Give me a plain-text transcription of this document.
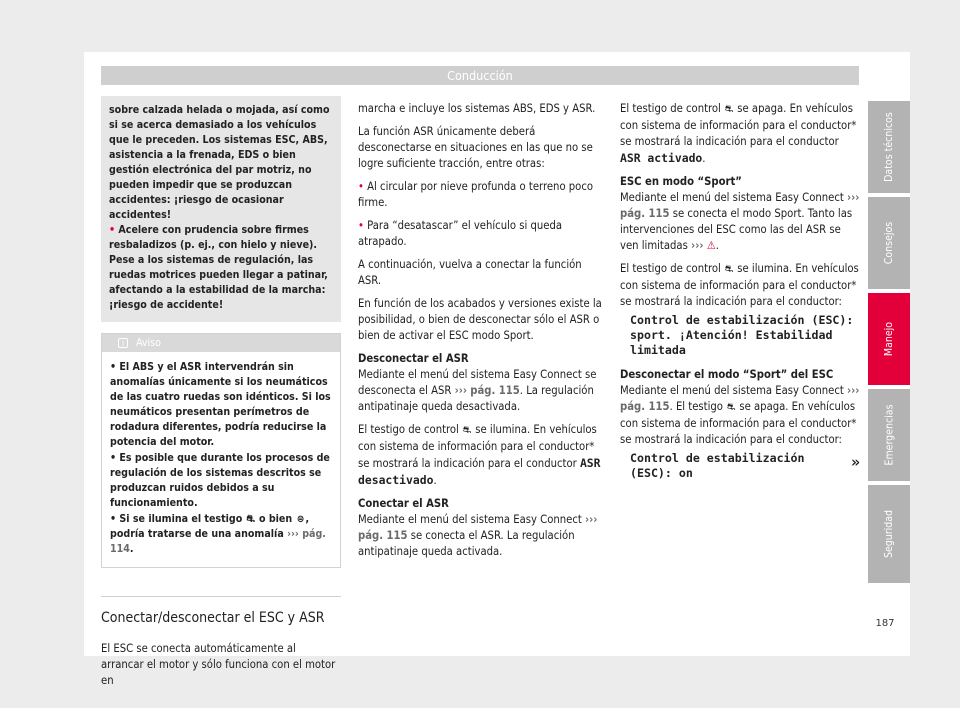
Conducción

sobre calzada helada o mojada, así como si se acerca demasiado a los vehículos que le preceden. Los sistemas ESC, ABS, asistencia a la frenada, EDS o bien gestión electrónica del par motriz, no pueden impedir que se produzcan accidentes: ¡riesgo de ocasionar accidentes!

• Acelere con prudencia sobre firmes resbaladizos (p. ej., con hielo y nieve). Pese a los sistemas de regulación, las ruedas motrices pueden llegar a patinar, afectando a la estabilidad de la marcha: ¡riesgo de accidente!

i Aviso

• El ABS y el ASR intervendrán sin anomalías únicamente si los neumáticos de las cuatro ruedas son idénticos. Si los neumáticos presentan perímetros de rodadura diferentes, podría reducirse la potencia del motor.

• Es posible que durante los procesos de regulación de los sistemas descritos se produzcan ruidos debidos a su funcionamiento.

• Si se ilumina el testigo ⛐ o bien ⊜, podría tratarse de una anomalía ››› pág. 114.

Conectar/desconectar el ESC y ASR

El ESC se conecta automáticamente al arrancar el motor y sólo funciona con el motor en

marcha e incluye los sistemas ABS, EDS y ASR.

La función ASR únicamente deberá desconectarse en situaciones en las que no se logre suficiente tracción, entre otras:

• Al circular por nieve profunda o terreno poco firme.

• Para “desatascar” el vehículo si queda atrapado.

A continuación, vuelva a conectar la función ASR.

En función de los acabados y versiones existe la posibilidad, o bien de desconectar sólo el ASR o bien de activar el ESC modo Sport.

Desconectar el ASR

Mediante el menú del sistema Easy Connect se desconecta el ASR ››› pág. 115. La regulación antipatinaje queda desactivada.

El testigo de control ⛐ se ilumina. En vehículos con sistema de información para el conductor* se mostrará la indicación para el conductor ASR desactivado.

Conectar el ASR

Mediante el menú del sistema Easy Connect ››› pág. 115 se conecta el ASR. La regulación antipatinaje queda activada.

El testigo de control ⛐ se apaga. En vehículos con sistema de información para el conductor* se mostrará la indicación para el conductor ASR activado.

ESC en modo “Sport”

Mediante el menú del sistema Easy Connect ››› pág. 115 se conecta el modo Sport. Tanto las intervenciones del ESC como las del ASR se ven limitadas ››› ⚠.

El testigo de control ⛐ se ilumina. En vehículos con sistema de información para el conductor* se mostrará la indicación para el conductor:

Control de estabilización (ESC): sport. ¡Atención! Estabilidad limitada

Desconectar el modo “Sport” del ESC

Mediante el menú del sistema Easy Connect ››› pág. 115. El testigo ⛐ se apaga. En vehículos con sistema de información para el conductor* se mostrará la indicación para el conductor:

Control de estabilización (ESC): on
»
Datos técnicos
Consejos
Manejo
Emergencias
Seguridad
187
